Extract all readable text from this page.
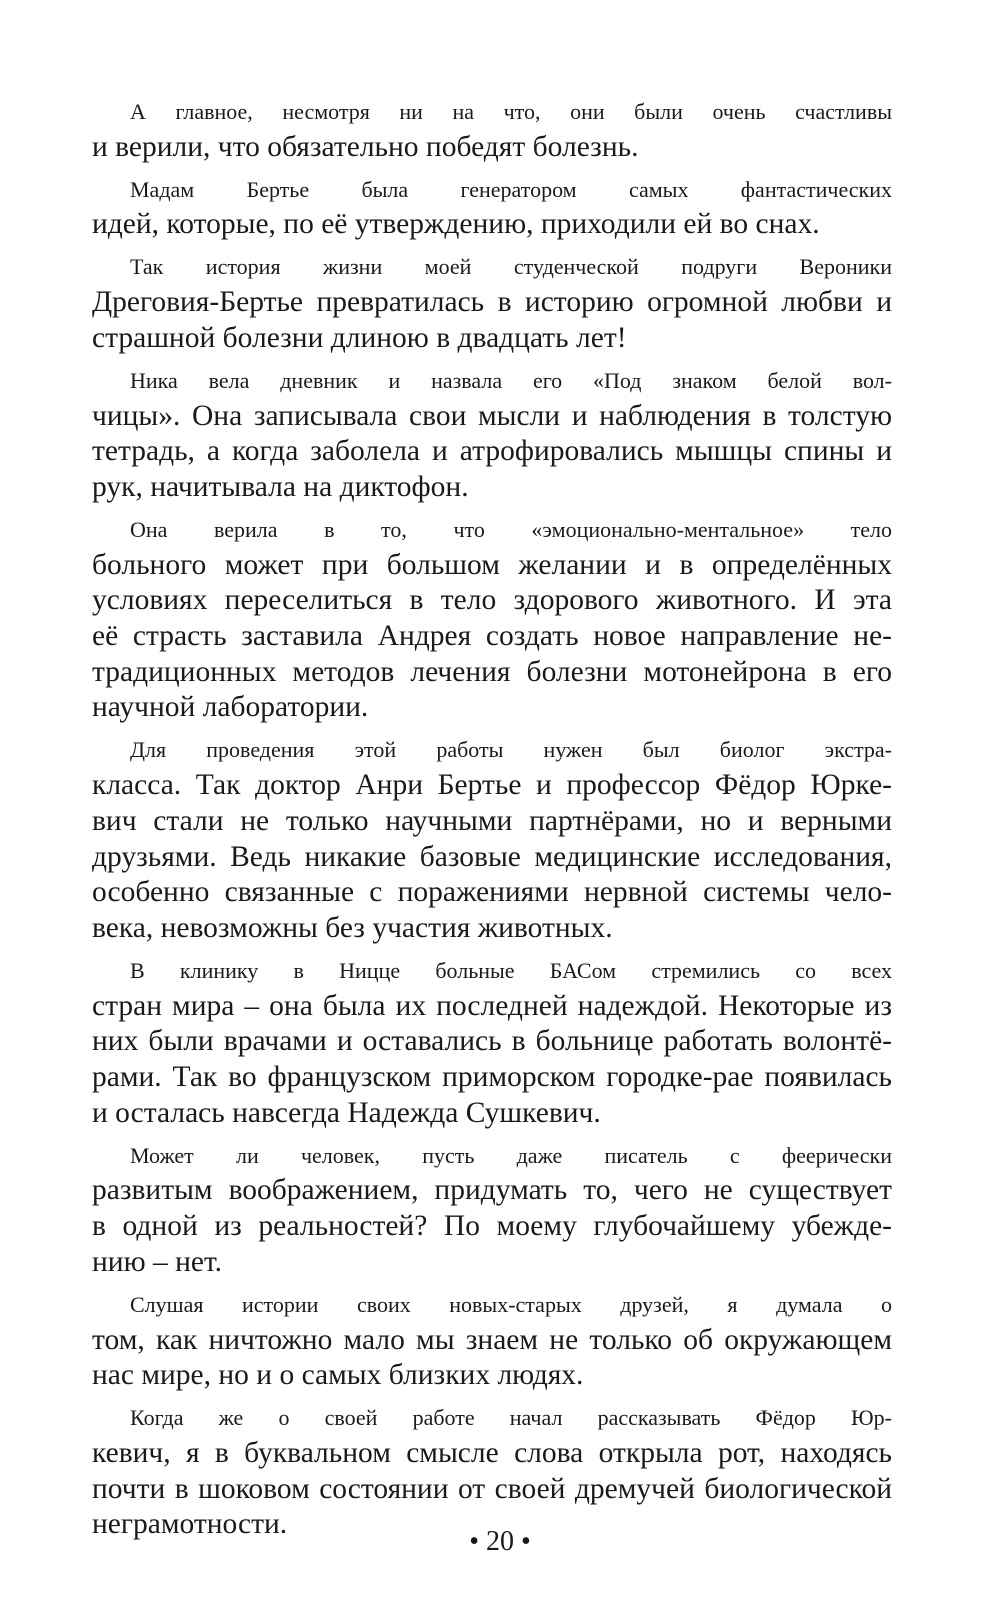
А главное, несмотря ни на что, они были очень счастливы
и верили, что обязательно победят болезнь.
Мадам Бертье была генератором самых фантастических
идей, которые, по её утверждению, приходили ей во снах.
Так история жизни моей студенческой подруги Вероники
Дреговия-Бертье превратилась в историю огромной любви и
страшной болезни длиною в двадцать лет!
Ника вела дневник и назвала его «Под знаком белой вол-
чицы». Она записывала свои мысли и наблюдения в толстую
тетрадь, а когда заболела и атрофировались мышцы спины и
рук, начитывала на диктофон.
Она верила в то, что «эмоционально-ментальное» тело
больного может при большом желании и в определённых
условиях переселиться в тело здорового животного. И эта
её страсть заставила Андрея создать новое направление не-
традиционных методов лечения болезни мотонейрона в его
научной лаборатории.
Для проведения этой работы нужен был биолог экстра-
класса. Так доктор Анри Бертье и профессор Фёдор Юрке-
вич стали не только научными партнёрами, но и верными
друзьями. Ведь никакие базовые медицинские исследования,
особенно связанные с поражениями нервной системы чело-
века, невозможны без участия животных.
В клинику в Ницце больные БАСом стремились со всех
стран мира – она была их последней надеждой. Некоторые из
них были врачами и оставались в больнице работать волонтё-
рами. Так во французском приморском городке-рае появилась
и осталась навсегда Надежда Сушкевич.
Может ли человек, пусть даже писатель с феерически
развитым воображением, придумать то, чего не существует
в одной из реальностей? По моему глубочайшему убежде-
нию – нет.
Слушая истории своих новых-старых друзей, я думала о
том, как ничтожно мало мы знаем не только об окружающем
нас мире, но и о самых близких людях.
Когда же о своей работе начал рассказывать Фёдор Юр-
кевич, я в буквальном смысле слова открыла рот, находясь
почти в шоковом состоянии от своей дремучей биологической
неграмотности.
• 20 •
